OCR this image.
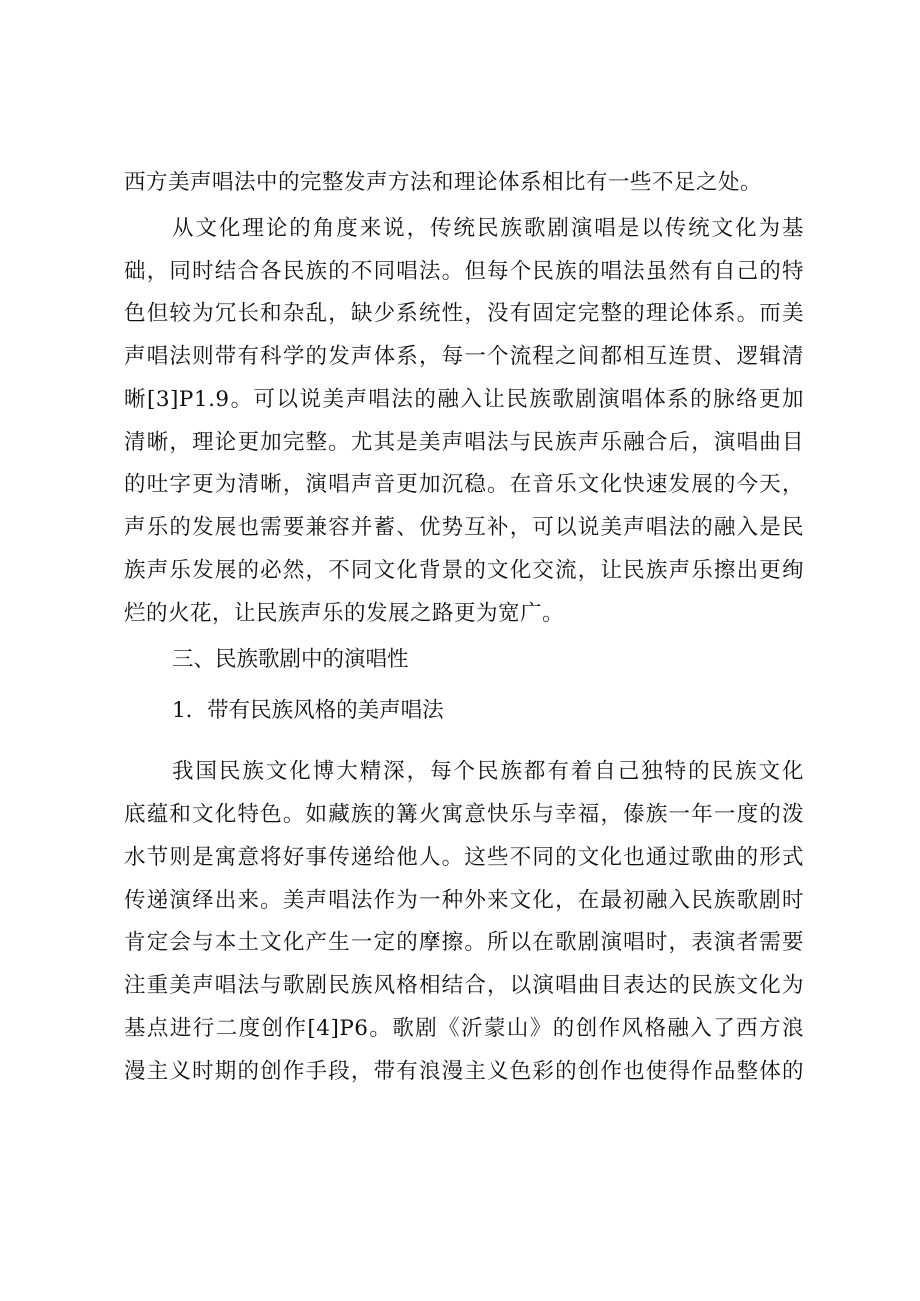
西方美声唱法中的完整发声方法和理论体系相比有一些不足之处。
从文化理论的角度来说，传统民族歌剧演唱是以传统文化为基
础，同时结合各民族的不同唱法。但每个民族的唱法虽然有自己的特
色但较为冗长和杂乱，缺少系统性，没有固定完整的理论体系。而美
声唱法则带有科学的发声体系，每一个流程之间都相互连贯、逻辑清
晰[3]P1.9。可以说美声唱法的融入让民族歌剧演唱体系的脉络更加
清晰，理论更加完整。尤其是美声唱法与民族声乐融合后，演唱曲目
的吐字更为清晰，演唱声音更加沉稳。在音乐文化快速发展的今天，
声乐的发展也需要兼容并蓄、优势互补，可以说美声唱法的融入是民
族声乐发展的必然，不同文化背景的文化交流，让民族声乐擦出更绚
烂的火花，让民族声乐的发展之路更为宽广。
三、民族歌剧中的演唱性
1．带有民族风格的美声唱法
我国民族文化博大精深，每个民族都有着自己独特的民族文化
底蕴和文化特色。如藏族的篝火寓意快乐与幸福，傣族一年一度的泼
水节则是寓意将好事传递给他人。这些不同的文化也通过歌曲的形式
传递演绎出来。美声唱法作为一种外来文化，在最初融入民族歌剧时
肯定会与本土文化产生一定的摩擦。所以在歌剧演唱时，表演者需要
注重美声唱法与歌剧民族风格相结合，以演唱曲目表达的民族文化为
基点进行二度创作[4]P6。歌剧《沂蒙山》的创作风格融入了西方浪
漫主义时期的创作手段，带有浪漫主义色彩的创作也使得作品整体的
